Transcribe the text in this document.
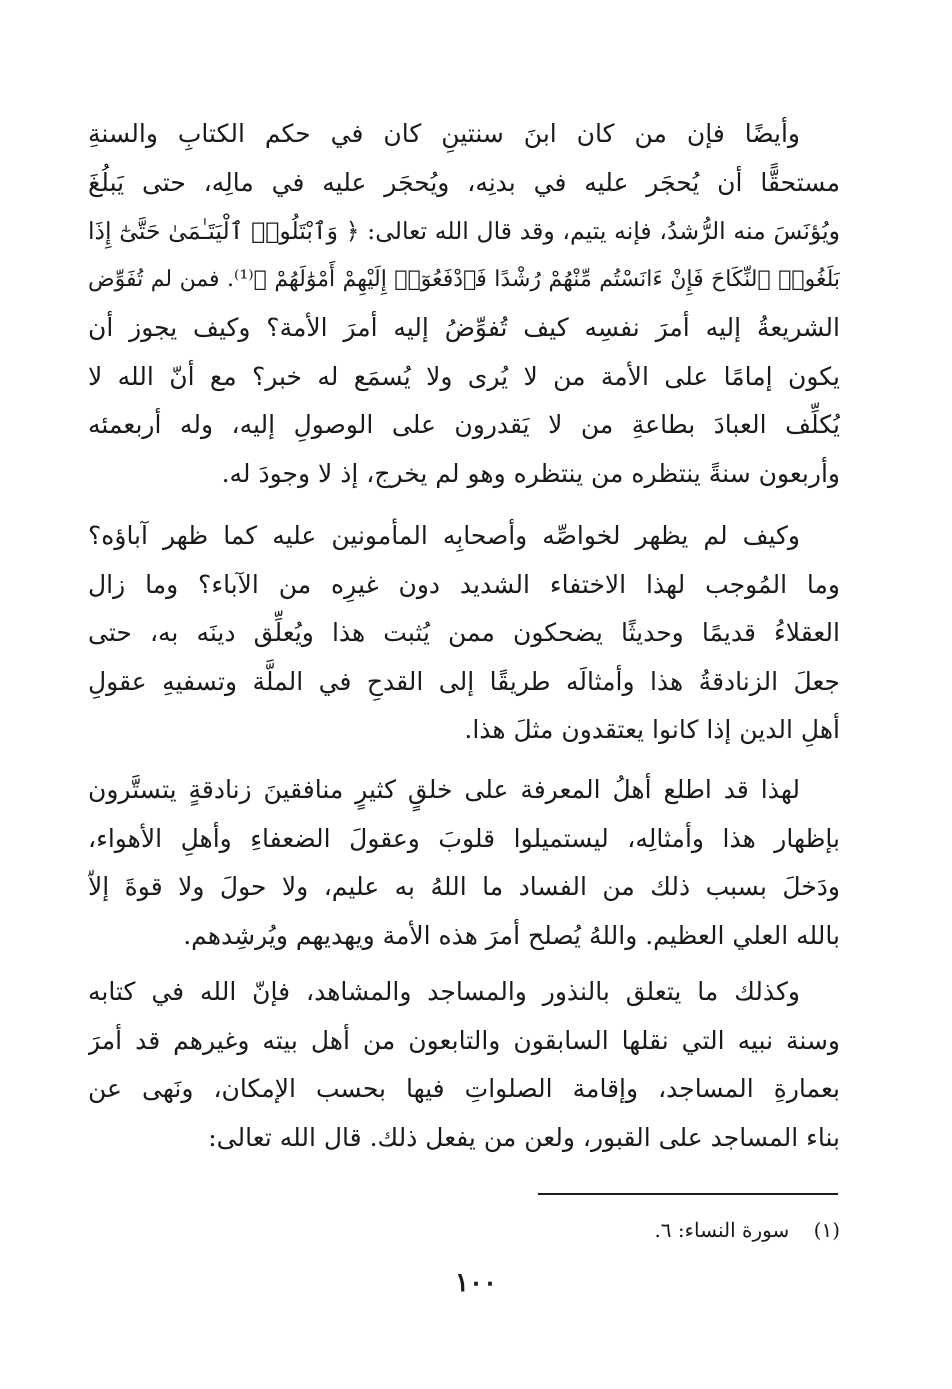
وأيضًا فإن من كان ابنَ سنتينِ كان في حكم الكتابِ والسنةِ
مستحقًّا أن يُحجَر عليه في بدنِه، ويُحجَر عليه في مالِه، حتى يَبلُغَ
ويُؤنَسَ منه الرُّشدُ، فإنه يتيم، وقد قال الله تعالى: ﴿ وَٱبْتَلُوا۟ ٱلْيَتَـٰمَىٰ حَتَّىٰٓ إِذَا
بَلَغُوا۟ ٱلنِّكَاحَ فَإِنْ ءَانَسْتُم مِّنْهُمْ رُشْدًا فَٱدْفَعُوٓا۟ إِلَيْهِمْ أَمْوَٰلَهُمْ ﴾⁽¹⁾. فمن لم تُفَوِّض
الشريعةُ إليه أمرَ نفسِه كيف تُفوِّضُ إليه أمرَ الأمة؟ وكيف يجوز أن
يكون إمامًا على الأمة من لا يُرى ولا يُسمَع له خبر؟ مع أنّ الله لا
يُكلِّف العبادَ بطاعةِ من لا يَقدرون على الوصولِ إليه، وله أربعمئه
وأربعون سنةً ينتظره من ينتظره وهو لم يخرج، إذ لا وجودَ له.
وكيف لم يظهر لخواصِّه وأصحابِه المأمونين عليه كما ظهر آباؤه؟
وما المُوجب لهذا الاختفاء الشديد دون غيرِه من الآباء؟ وما زال
العقلاءُ قديمًا وحديثًا يضحكون ممن يُثبت هذا ويُعلِّق دينَه به، حتى
جعلَ الزنادقةُ هذا وأمثالَه طريقًا إلى القدحِ في الملَّة وتسفيهِ عقولِ
أهلِ الدين إذا كانوا يعتقدون مثلَ هذا.
لهذا قد اطلع أهلُ المعرفة على خلقٍ كثيرٍ منافقينَ زنادقةٍ يتستَّرون
بإظهار هذا وأمثالِه، ليستميلوا قلوبَ وعقولَ الضعفاءِ وأهلِ الأهواء،
ودَخلَ بسبب ذلك من الفساد ما اللهُ به عليم، ولا حولَ ولا قوةَ إلاّ
بالله العلي العظيم. واللهُ يُصلح أمرَ هذه الأمة ويهديهم ويُرشِدهم.
وكذلك ما يتعلق بالنذور والمساجد والمشاهد، فإنّ الله في كتابه
وسنة نبيه التي نقلها السابقون والتابعون من أهل بيته وغيرهم قد أمرَ
بعمارةِ المساجد، وإقامة الصلواتِ فيها بحسب الإمكان، ونَهى عن
بناء المساجد على القبور، ولعن من يفعل ذلك. قال الله تعالى:
(١) سورة النساء: ٦.
١٠٠
